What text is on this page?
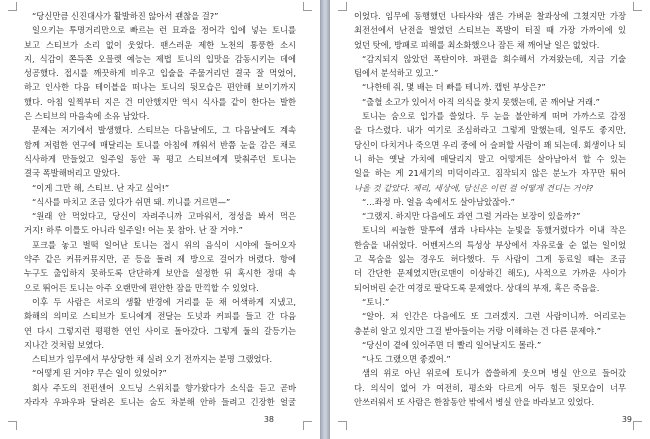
“당신만큼 신진대사가 활발하진 않아서 괜찮을 걸?”
일으키는 투명거리만으로 빠르는 런 묘과을 정어각 입에 넣는 토니를
보고 스티브가 소리 없이 웃었다. 팬스러운 제한 노천의 통풍한 소시
지, 식감이 쫀득쫀 오믈렛 예능는 제법 토니의 입맛을 감동시키는 데에
성공했다. 접시를 깨끗하게 비우고 입술을 주물거리던 결국 잘 먹었어,
하고 인사한 다음 테이블을 떠나는 토니의 뒷모습은 편안해 보이기까지
했다. 아침 일찍부터 지은 건 미안했지만 역시 식사를 같이 한다는 발한
은 스티브의 마음속에 소유 남았다.
문제는 저기에서 발생했다. 스티브는 다음날에도, 그 다음날에도 계속
함께 저렴한 연구에 매달리는 토니를 아침에 깨워서 반쯤 눈을 감은 채로
식사하게 만들었고 일주일 동안 꼭 평고 스티브에게 맞춰주던 토니는
결국 폭발해버리고 말았다.
“이게 그만 해, 스티브. 난 자고 싶어!”
“식사를 마치고 조금 있다가 쉬면 돼. 끼니를 거르면—”
“원래 안 먹었다고, 당신이 자려주니까 고마워서, 정성을 봐서 먹은
거지! 하루 이틀도 아니라 일주일! 어는 못 참아. 난 잘 거야.”
포크를 놓고 벌떡 일어난 토니는 접시 위의 음식이 시야에 들어오자
약주 같은 커뮤커뮤지만, 곧 등을 돌려 제 방으로 걸어가 버렸다. 항에
누구도 출입하지 못하도록 단단하게 보안을 설정한 뒤 혹시한 정대 속
으로 뛰어든 토니는 아주 오랜만에 편안한 잠을 만끽할 수 있었다.
이후 두 사람은 서로의 생활 반경에 거리를 둔 채 어색하게 지냈고,
화해의 의미로 스티브가 토니에게 전달는 도넛과 커피를 들고 간 다음
연 다시 그렇지런 평평한 연인 사이로 돌아갔다. 그렇게 둘의 갈등기는
지나간 것처럼 보였다.
스티브가 임무에서 부상당한 채 실려 오기 전까지는 분명 그랬었다.
“어떻게 된 거야? 무슨 일이 있었어?”
회사 주도의 전펀센어 오드닝 스위치를 향가왔다가 소식을 듣고 곧바
자라자 우파우파 달려온 토니는 숨도 차분해 안하 들려고 긴장한 얼굴
38
이었다. 임무에 동행했던 나타샤와 샘은 가벼운 찰과상에 그쳤지만 가장
최전선에서 난전을 벌였던 스티브는 폭발이 터질 때 가장 가까이에 있
었던 탓에, 방패로 피해를 최소화했으나 잠든 채 깨어날 일은 없었다.
“감지되지 않았던 폭탄이야. 파편을 회수해서 가져왔는데, 지금 기술
팀에서 분석하고 있고.”
“나한테 줘, 몇 배는 더 빠를 테니까. 캡틴 부상은?”
“출혈 소고가 있어서 아직 의식을 찾지 못했는데, 곧 깨어날 거래.”
토니는 숨으로 입가를 쓸었다. 두 눈을 불안하게 떠며 가까스로 감정
을 다스렸다. 내가 여기로 조심하라고 그렇게 말했는데, 일루도 좋지만,
당신이 다치거나 죽으면 우리 중에 어 슬퍼할 사람이 꽤 되는데. 회생이나 되
니 하는 옛날 가치에 매달리지 말고 어떻게든 살아남아서 할 수 있는
일을 하는 게 21세기의 미덕이라고. 짐작되지 않은 분노가 자꾸만 튀어
나올 것 같았다. 제리, 세상에, 당신은 이런 걸 어떻게 견디는 거야?
“…좌정 마. 얼음 속에서도 살아남았잖아.”
“그랬지. 하지만 다음에도 과연 그럴 거라는 보장이 있을까?”
토니의 씨늘한 말투에 샘과 나타샤는 눈빛을 동했거렸다가 이내 작은
한숨을 내쉬었다. 어벤저스의 특성상 부상에서 자유로울 순 없는 일이었
고 목숨을 잃는 경우도 허다했다. 두 사람이 그게 동료일 때는 조금
더 간단한 문제였지만(로맨이 이상하긴 해도), 사적으로 가까운 사이가
되어버린 순간 여경로 팔닥도록 문제였다. 상대의 부재, 혹은 죽음을.
“토니.”
“알아. 저 인간은 다음에도 또 그러겠지. 그런 사람이니까. 어리로는
충분히 알고 있지만 그걸 받아들이는 거랑 이해하는 건 다른 문제야.”
“당신이 곁에 있어주면 더 빨리 일어날지도 몰라.”
“나도 그랬으면 좋겠어.”
샘의 위로 아닌 위로에 토니가 씁쓸하게 웃으며 병실 안으로 들어갔
다. 의식이 없어 가 여전히, 평소와 다르게 어두 힘든 뒷모습이 너무
안쓰러워서 또 사람은 한참동안 밖에서 병실 안을 바라보고 있었다.
39
